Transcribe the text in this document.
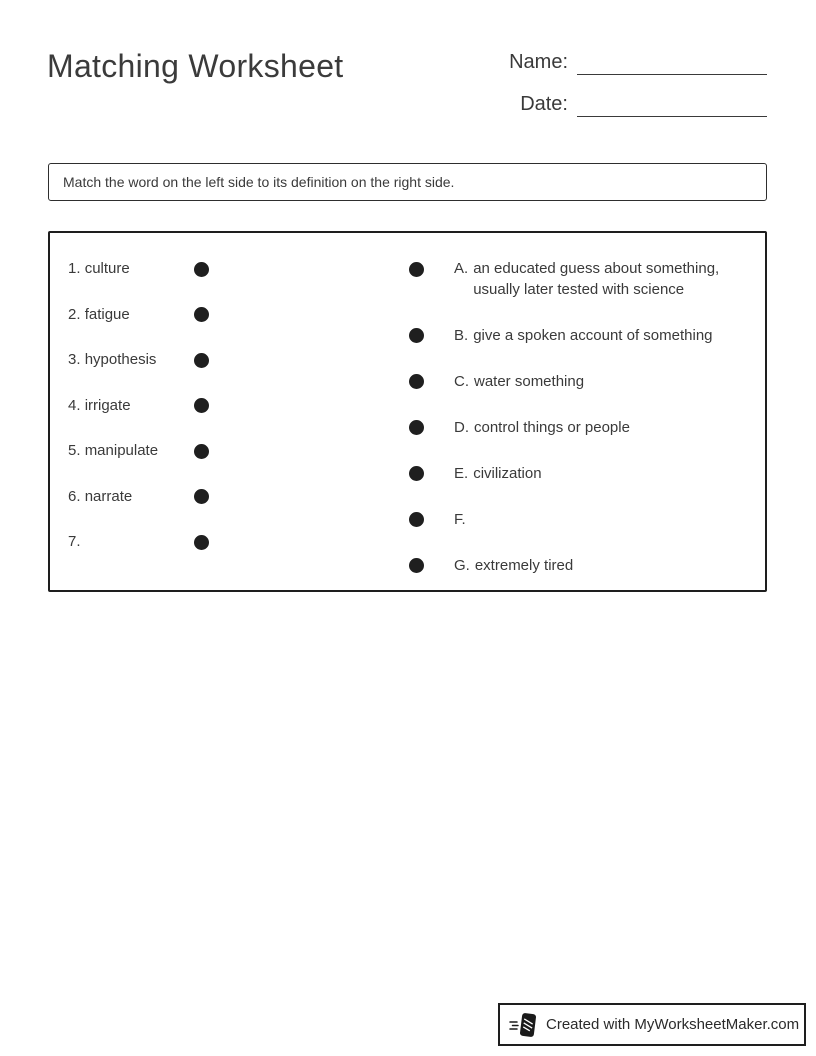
Matching Worksheet	Name:
Date:
Match the word on the left side to its definition on the right side.
1. culture
2. fatigue
3. hypothesis
4. irrigate
5. manipulate
6. narrate
7.
A. an educated guess about something, usually later tested with science
B. give a spoken account of something
C. water something
D. control things or people
E. civilization
F.
G. extremely tired
Created with MyWorksheetMaker.com
